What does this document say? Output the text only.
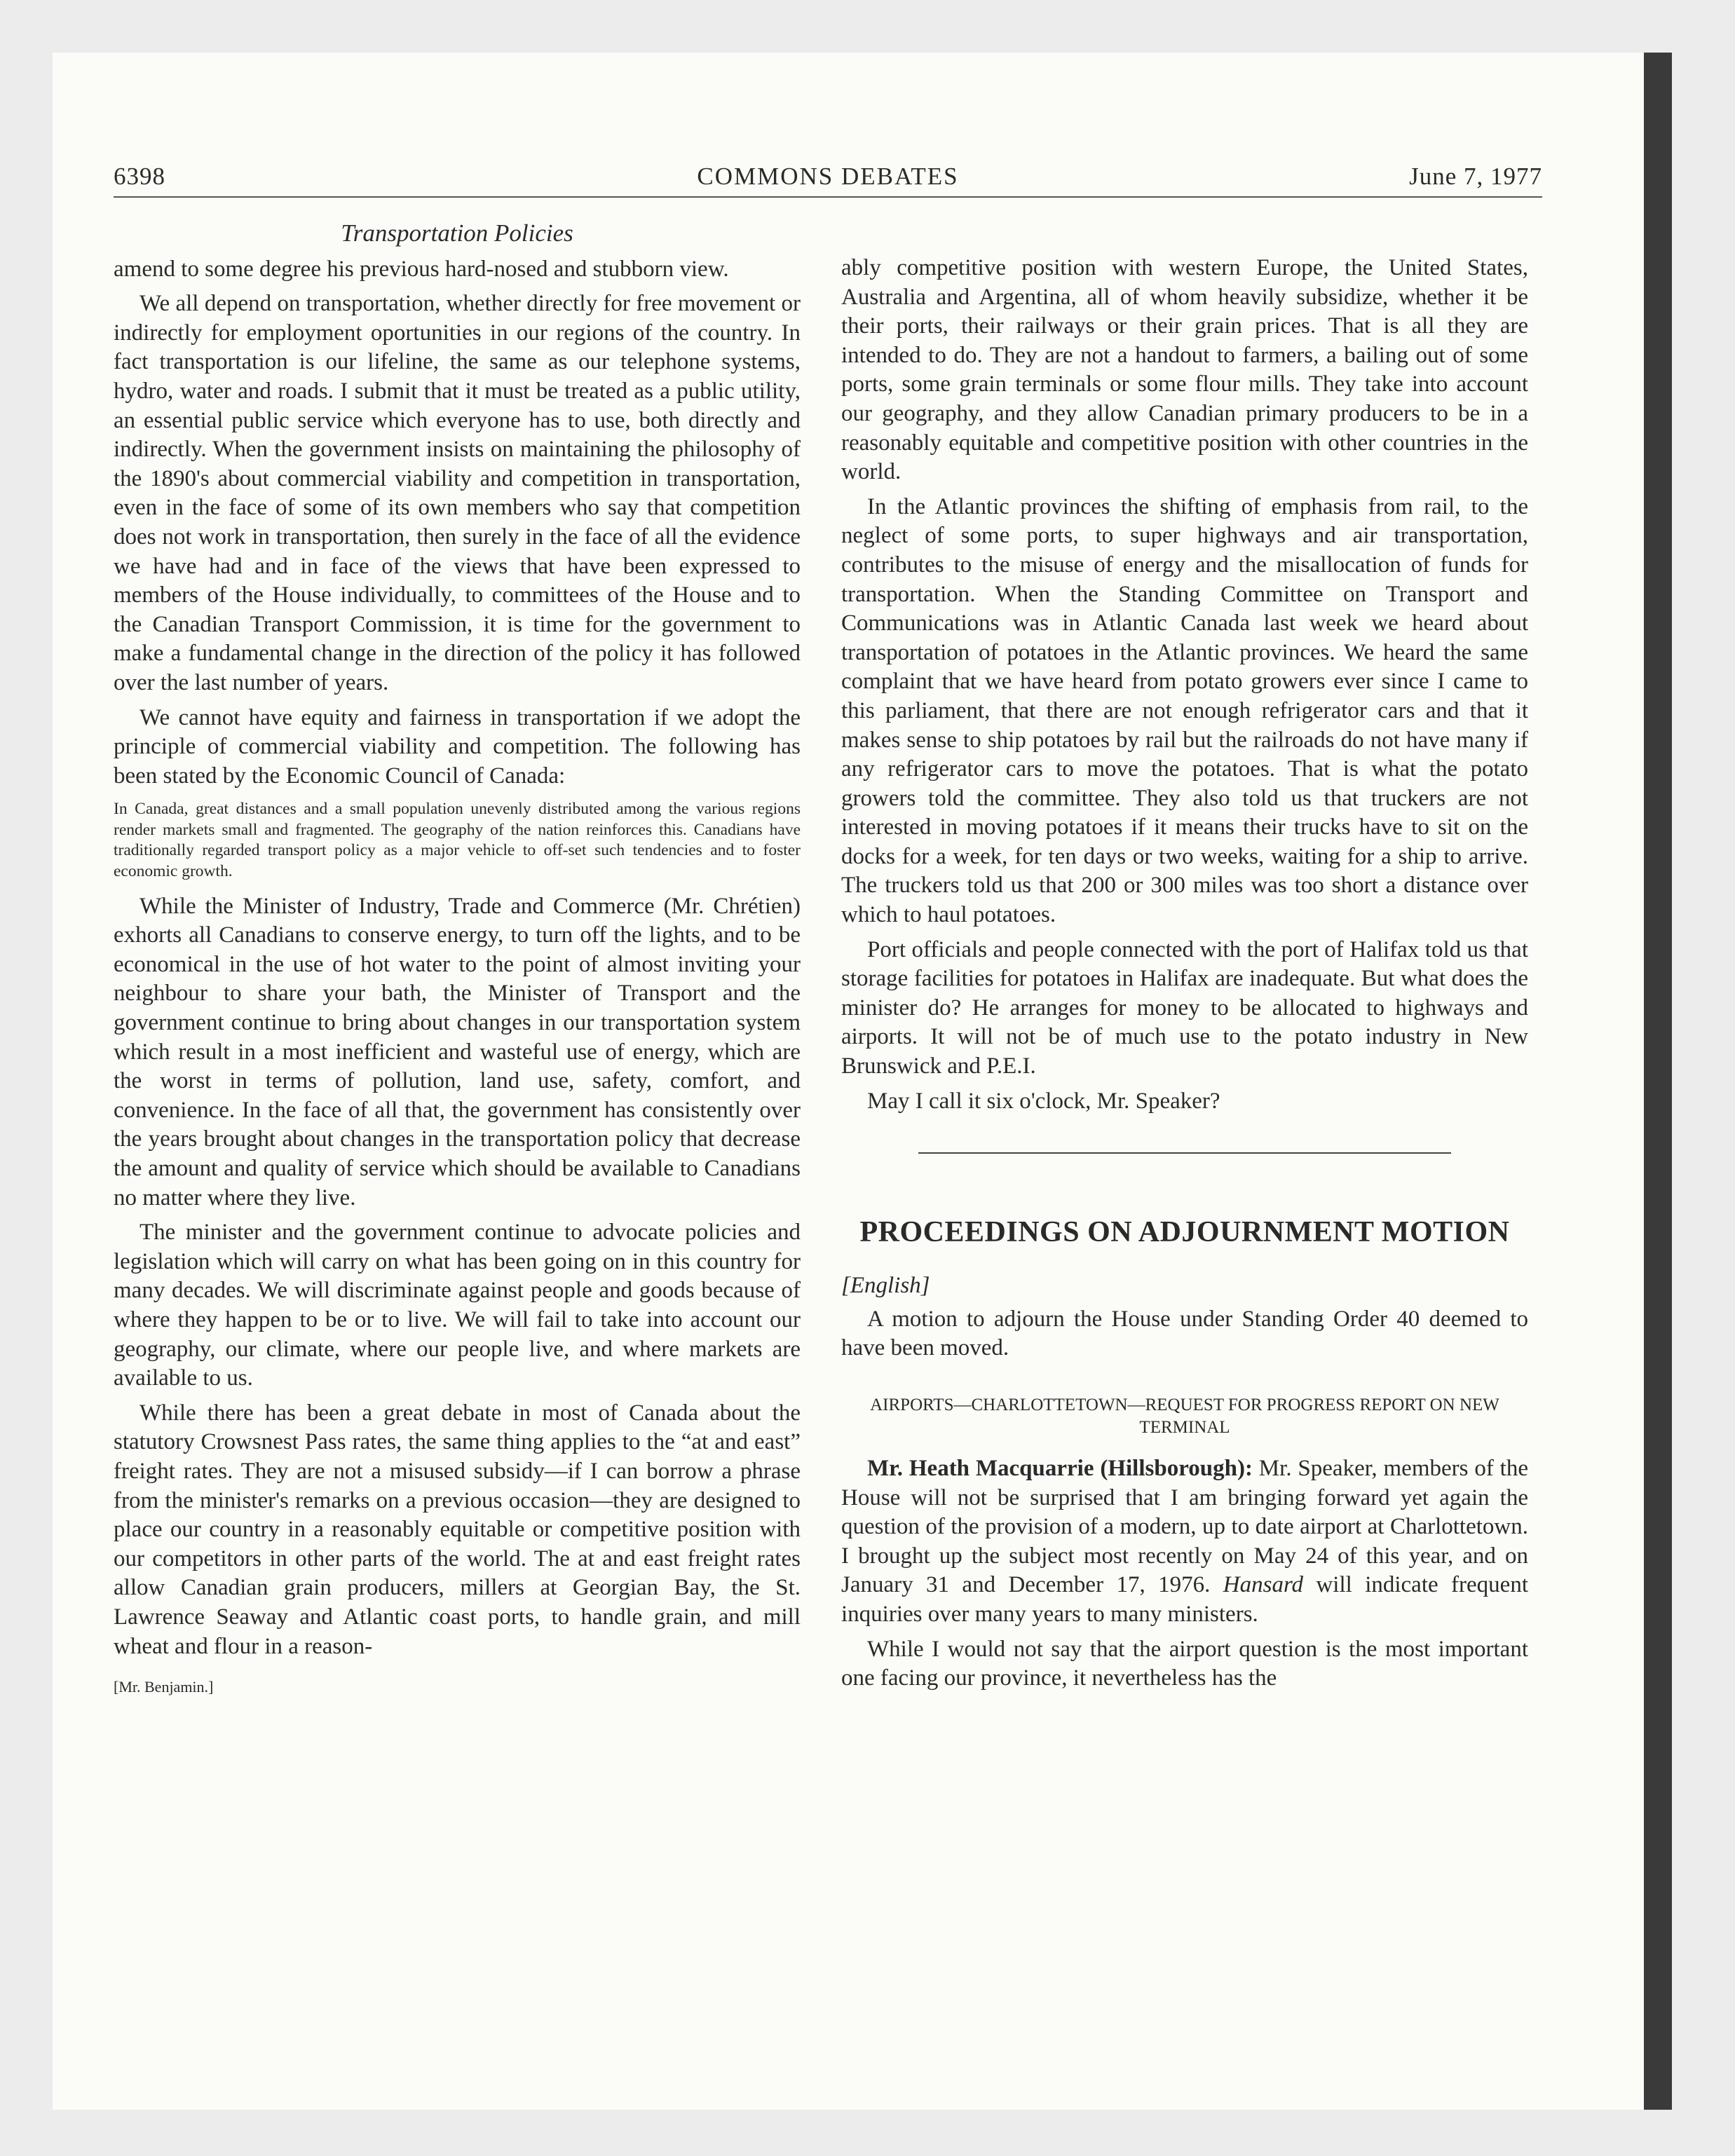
6398	COMMONS DEBATES	June 7, 1977
Transportation Policies

amend to some degree his previous hard-nosed and stubborn view.

We all depend on transportation, whether directly for free movement or indirectly for employment oportunities in our regions of the country. In fact transportation is our lifeline, the same as our telephone systems, hydro, water and roads. I submit that it must be treated as a public utility, an essential public service which everyone has to use, both directly and indirectly. When the government insists on maintaining the philosophy of the 1890's about commercial viability and competition in transportation, even in the face of some of its own members who say that competition does not work in transportation, then surely in the face of all the evidence we have had and in face of the views that have been expressed to members of the House individually, to committees of the House and to the Canadian Transport Commission, it is time for the government to make a fundamental change in the direction of the policy it has followed over the last number of years.

We cannot have equity and fairness in transportation if we adopt the principle of commercial viability and competition. The following has been stated by the Economic Council of Canada:

In Canada, great distances and a small population unevenly distributed among the various regions render markets small and fragmented. The geography of the nation reinforces this. Canadians have traditionally regarded transport policy as a major vehicle to off-set such tendencies and to foster economic growth.

While the Minister of Industry, Trade and Commerce (Mr. Chrétien) exhorts all Canadians to conserve energy, to turn off the lights, and to be economical in the use of hot water to the point of almost inviting your neighbour to share your bath, the Minister of Transport and the government continue to bring about changes in our transportation system which result in a most inefficient and wasteful use of energy, which are the worst in terms of pollution, land use, safety, comfort, and convenience. In the face of all that, the government has consistently over the years brought about changes in the transportation policy that decrease the amount and quality of service which should be available to Canadians no matter where they live.

The minister and the government continue to advocate policies and legislation which will carry on what has been going on in this country for many decades. We will discriminate against people and goods because of where they happen to be or to live. We will fail to take into account our geography, our climate, where our people live, and where markets are available to us.

While there has been a great debate in most of Canada about the statutory Crowsnest Pass rates, the same thing applies to the “at and east” freight rates. They are not a misused subsidy—if I can borrow a phrase from the minister's remarks on a previous occasion—they are designed to place our country in a reasonably equitable or competitive position with our competitors in other parts of the world. The at and east freight rates allow Canadian grain producers, millers at Georgian Bay, the St. Lawrence Seaway and Atlantic coast ports, to handle grain, and mill wheat and flour in a reason-

[Mr. Benjamin.]

ably competitive position with western Europe, the United States, Australia and Argentina, all of whom heavily subsidize, whether it be their ports, their railways or their grain prices. That is all they are intended to do. They are not a handout to farmers, a bailing out of some ports, some grain terminals or some flour mills. They take into account our geography, and they allow Canadian primary producers to be in a reasonably equitable and competitive position with other countries in the world.

In the Atlantic provinces the shifting of emphasis from rail, to the neglect of some ports, to super highways and air transportation, contributes to the misuse of energy and the misallocation of funds for transportation. When the Standing Committee on Transport and Communications was in Atlantic Canada last week we heard about transportation of potatoes in the Atlantic provinces. We heard the same complaint that we have heard from potato growers ever since I came to this parliament, that there are not enough refrigerator cars and that it makes sense to ship potatoes by rail but the railroads do not have many if any refrigerator cars to move the potatoes. That is what the potato growers told the committee. They also told us that truckers are not interested in moving potatoes if it means their trucks have to sit on the docks for a week, for ten days or two weeks, waiting for a ship to arrive. The truckers told us that 200 or 300 miles was too short a distance over which to haul potatoes.

Port officials and people connected with the port of Halifax told us that storage facilities for potatoes in Halifax are inadequate. But what does the minister do? He arranges for money to be allocated to highways and airports. It will not be of much use to the potato industry in New Brunswick and P.E.I.

May I call it six o'clock, Mr. Speaker?

PROCEEDINGS ON ADJOURNMENT MOTION

[English]

A motion to adjourn the House under Standing Order 40 deemed to have been moved.

AIRPORTS—CHARLOTTETOWN—REQUEST FOR PROGRESS REPORT ON NEW TERMINAL

Mr. Heath Macquarrie (Hillsborough): Mr. Speaker, members of the House will not be surprised that I am bringing forward yet again the question of the provision of a modern, up to date airport at Charlottetown. I brought up the subject most recently on May 24 of this year, and on January 31 and December 17, 1976. Hansard will indicate frequent inquiries over many years to many ministers.

While I would not say that the airport question is the most important one facing our province, it nevertheless has the
